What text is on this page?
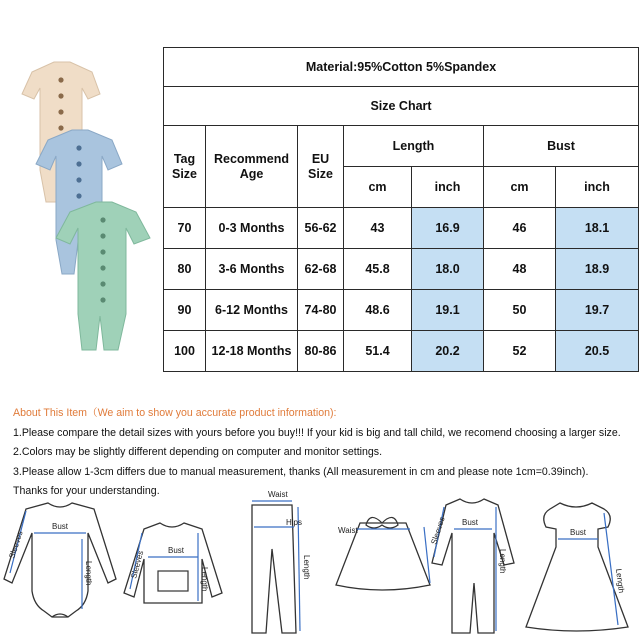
Material:95%Cotton 5%Spandex						
Size Chart						
Tag Size	Recommend Age	EU Size	Length		Bust	
			cm	inch	cm	inch
70	0-3 Months	56-62	43	16.9	46	18.1
80	3-6 Months	62-68	45.8	18.0	48	18.9
90	6-12 Months	74-80	48.6	19.1	50	19.7
100	12-18 Months	80-86	51.4	20.2	52	20.5
About This Item（We aim to show you accurate product information):
1.Please compare the detail sizes with yours before you buy!!! If your kid is big and tall child, we recomend choosing a larger size.
2.Colors may be slightly different depending on computer and monitor settings.
3.Please allow 1-3cm differs due to manual measurement, thanks (All measurement in cm and please note 1cm=0.39inch).
Thanks for your understanding.
Bust
Length
Sleeves	Bust
Length
Sleeves
Waist
Hips
Length
Waist
Bust
Length
Sleeves	Bust
Length
